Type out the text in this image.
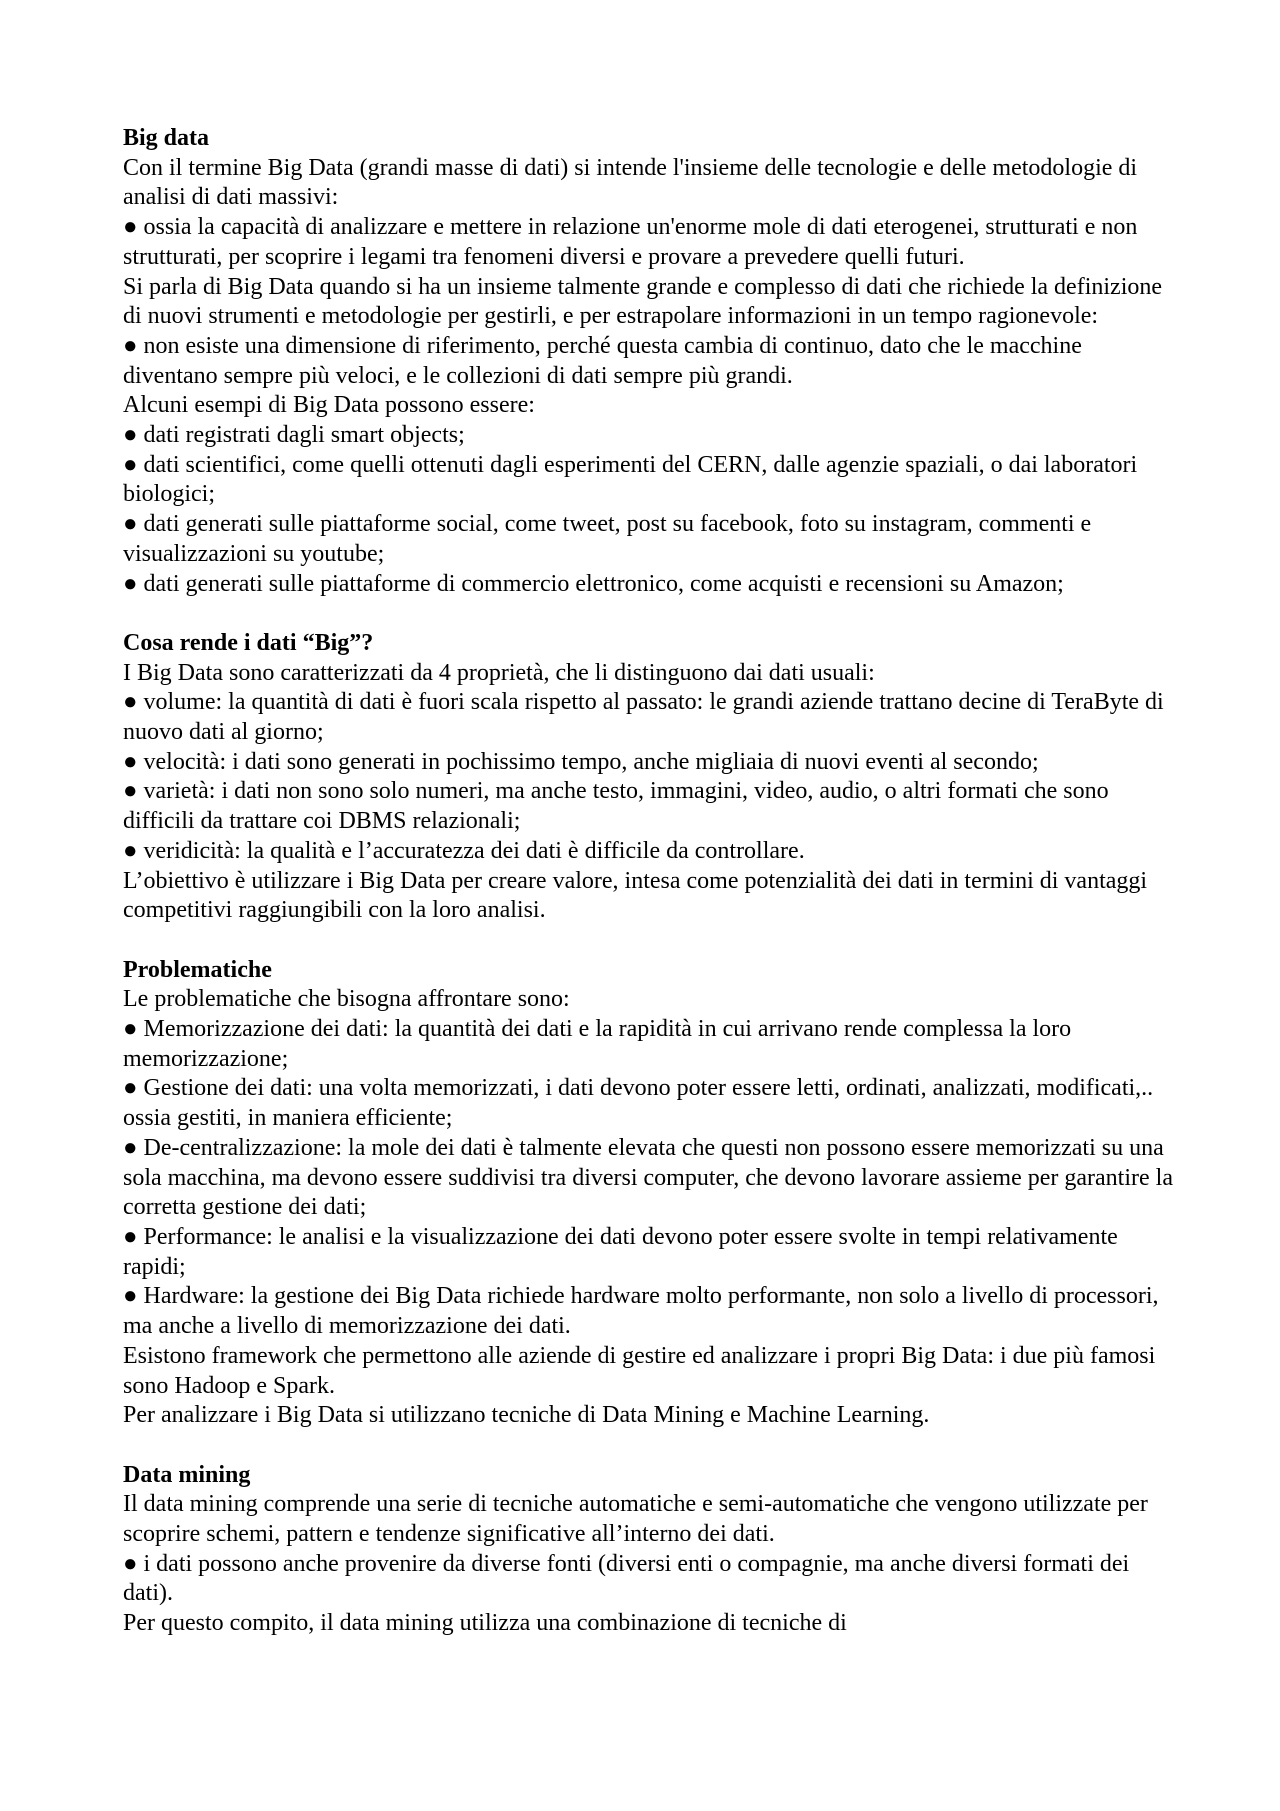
Big data

Con il termine Big Data (grandi masse di dati) si intende l'insieme delle tecnologie e delle metodologie di analisi di dati massivi:

● ossia la capacità di analizzare e mettere in relazione un'enorme mole di dati eterogenei, strutturati e non strutturati, per scoprire i legami tra fenomeni diversi e provare a prevedere quelli futuri.

Si parla di Big Data quando si ha un insieme talmente grande e complesso di dati che richiede la definizione di nuovi strumenti e metodologie per gestirli, e per estrapolare informazioni in un tempo ragionevole:

● non esiste una dimensione di riferimento, perché questa cambia di continuo, dato che le macchine diventano sempre più veloci, e le collezioni di dati sempre più grandi.

Alcuni esempi di Big Data possono essere:

● dati registrati dagli smart objects;

● dati scientifici, come quelli ottenuti dagli esperimenti del CERN, dalle agenzie spaziali, o dai laboratori biologici;

● dati generati sulle piattaforme social, come tweet, post su facebook, foto su instagram, commenti e visualizzazioni su youtube;

● dati generati sulle piattaforme di commercio elettronico, come acquisti e recensioni su Amazon;

Cosa rende i dati “Big”?

I Big Data sono caratterizzati da 4 proprietà, che li distinguono dai dati usuali:

● volume: la quantità di dati è fuori scala rispetto al passato: le grandi aziende trattano decine di TeraByte di nuovo dati al giorno;

● velocità: i dati sono generati in pochissimo tempo, anche migliaia di nuovi eventi al secondo;

● varietà: i dati non sono solo numeri, ma anche testo, immagini, video, audio, o altri formati che sono difficili da trattare coi DBMS relazionali;

● veridicità: la qualità e l’accuratezza dei dati è difficile da controllare.

L’obiettivo è utilizzare i Big Data per creare valore, intesa come potenzialità dei dati in termini di vantaggi competitivi raggiungibili con la loro analisi.

Problematiche

Le problematiche che bisogna affrontare sono:

● Memorizzazione dei dati: la quantità dei dati e la rapidità in cui arrivano rende complessa la loro memorizzazione;

● Gestione dei dati: una volta memorizzati, i dati devono poter essere letti, ordinati, analizzati, modificati,.. ossia gestiti, in maniera efficiente;

● De-centralizzazione: la mole dei dati è talmente elevata che questi non possono essere memorizzati su una sola macchina, ma devono essere suddivisi tra diversi computer, che devono lavorare assieme per garantire la corretta gestione dei dati;

● Performance: le analisi e la visualizzazione dei dati devono poter essere svolte in tempi relativamente rapidi;

● Hardware: la gestione dei Big Data richiede hardware molto performante, non solo a livello di processori, ma anche a livello di memorizzazione dei dati.

Esistono framework che permettono alle aziende di gestire ed analizzare i propri Big Data: i due più famosi sono Hadoop e Spark.

Per analizzare i Big Data si utilizzano tecniche di Data Mining e Machine Learning.

Data mining

Il data mining comprende una serie di tecniche automatiche e semi-automatiche che vengono utilizzate per scoprire schemi, pattern e tendenze significative all’interno dei dati.

● i dati possono anche provenire da diverse fonti (diversi enti o compagnie, ma anche diversi formati dei dati).

Per questo compito, il data mining utilizza una combinazione di tecniche di
